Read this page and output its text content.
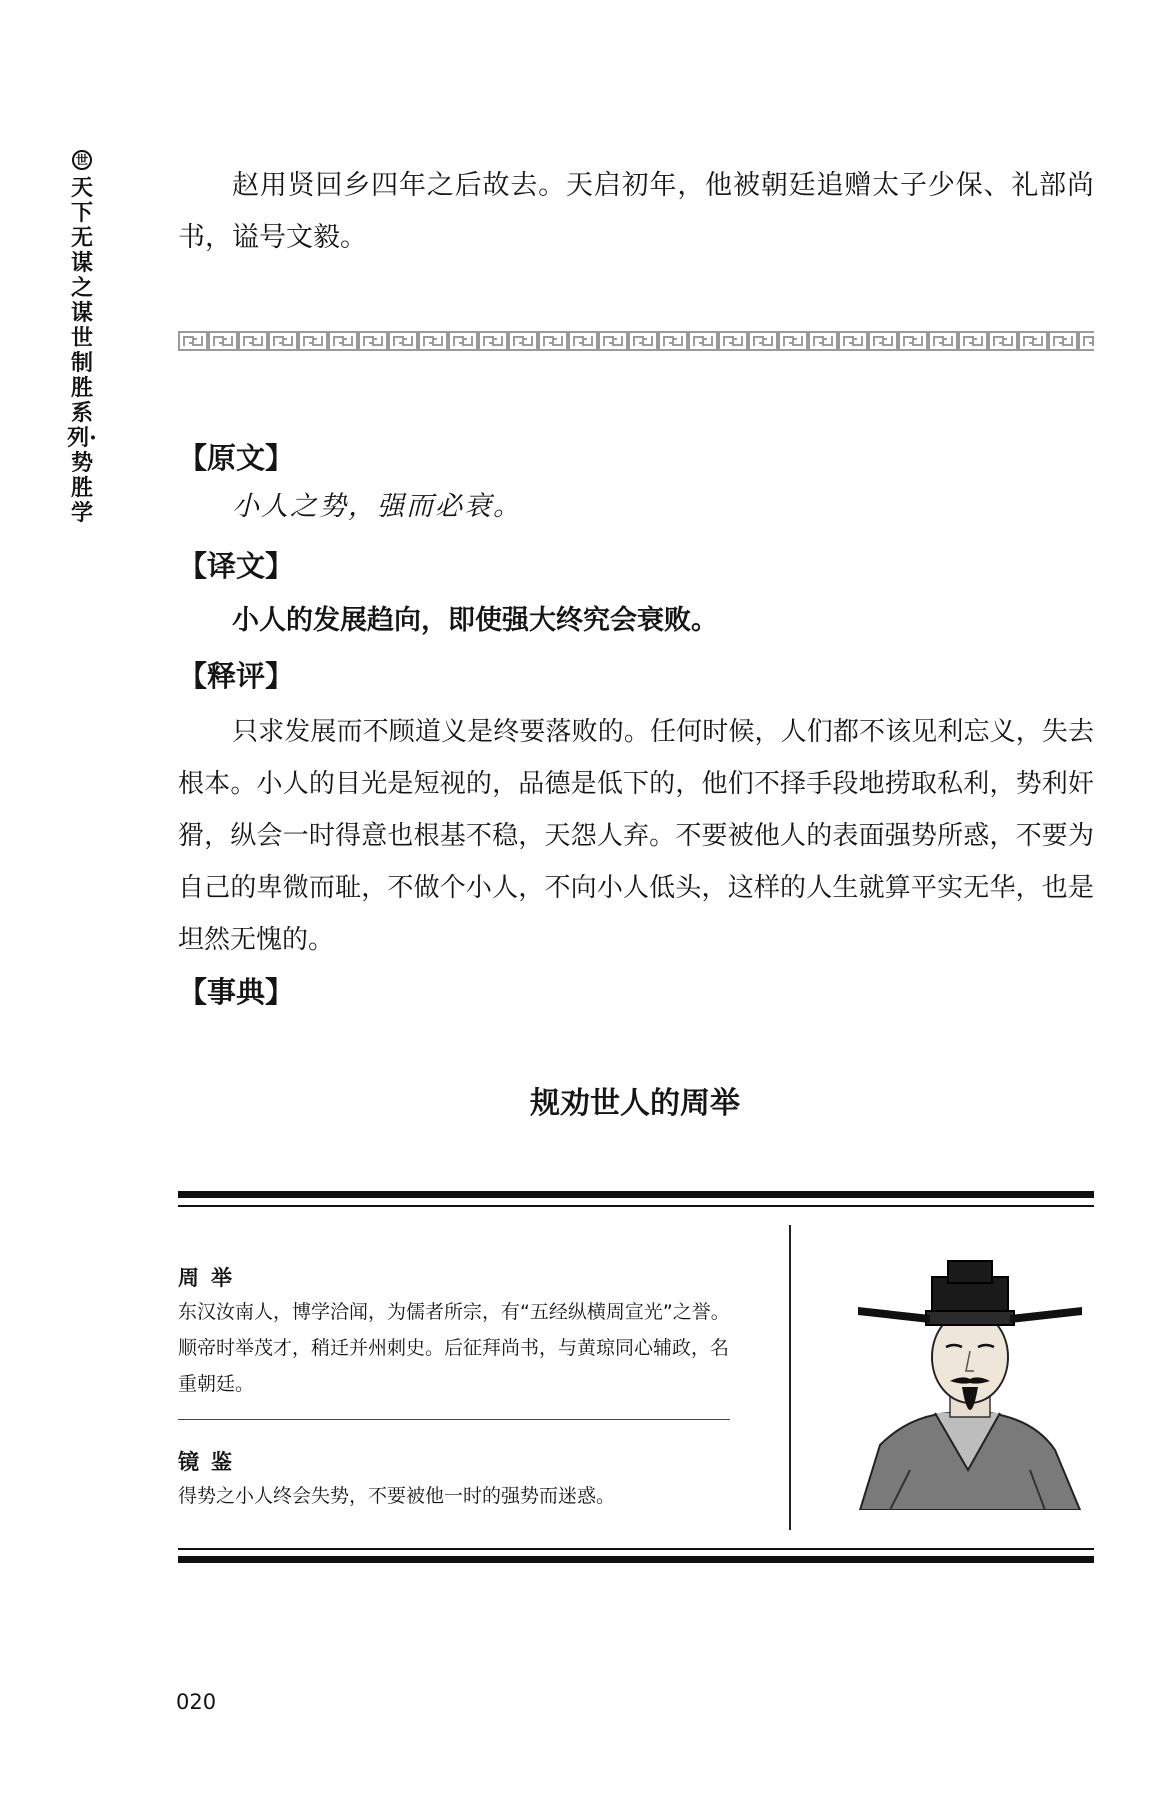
世
天下无谋之谋世制胜系列·势胜学

赵用贤回乡四年之后故去。天启初年，他被朝廷追赠太子少保、礼部尚书，谥号文毅。

【原文】

小人之势，强而必衰。

【译文】

小人的发展趋向，即使强大终究会衰败。

【释评】

只求发展而不顾道义是终要落败的。任何时候，人们都不该见利忘义，失去根本。小人的目光是短视的，品德是低下的，他们不择手段地捞取私利，势利奸猾，纵会一时得意也根基不稳，天怨人弃。不要被他人的表面强势所惑，不要为自己的卑微而耻，不做个小人，不向小人低头，这样的人生就算平实无华，也是坦然无愧的。

【事典】
规劝世人的周举
周举

东汉汝南人，博学洽闻，为儒者所宗，有“五经纵横周宣光”之誉。顺帝时举茂才，稍迁并州刺史。后征拜尚书，与黄琼同心辅政，名重朝廷。

镜鉴

得势之小人终会失势，不要被他一时的强势而迷惑。

020
